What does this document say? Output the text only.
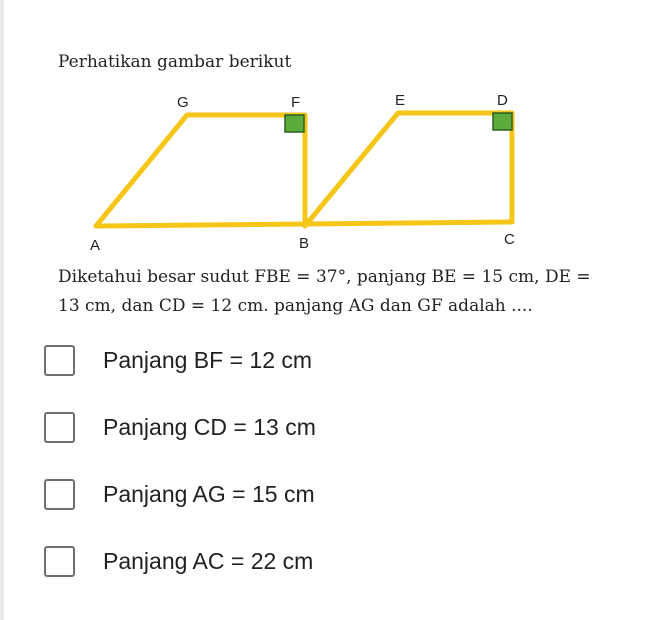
Perhatikan gambar berikut
G	F	E	D
A	B	C
Diketahui besar sudut FBE = 37°, panjang BE = 15 cm, DE =
13 cm, dan CD = 12 cm. panjang AG dan GF adalah ....
Panjang BF = 12 cm
Panjang CD = 13 cm
Panjang AG = 15 cm
Panjang AC = 22 cm
